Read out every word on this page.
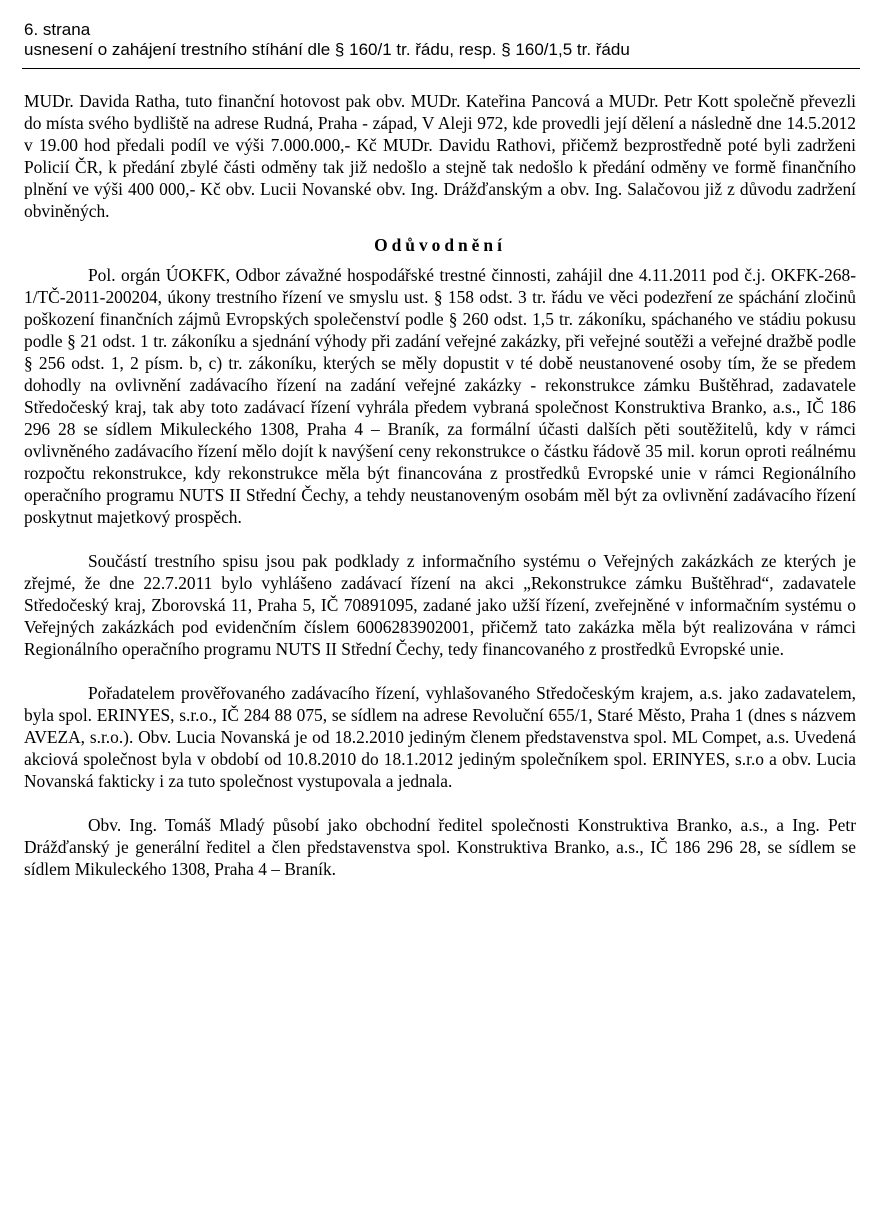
6. strana
usnesení o zahájení trestního stíhání dle § 160/1 tr. řádu, resp. § 160/1,5 tr. řádu

MUDr. Davida Ratha, tuto finanční hotovost pak obv. MUDr. Kateřina Pancová a MUDr. Petr Kott společně převezli do místa svého bydliště na adrese Rudná, Praha - západ, V Aleji 972, kde provedli její dělení a následně dne 14.5.2012 v 19.00 hod předali podíl ve výši 7.000.000,- Kč MUDr. Davidu Rathovi, přičemž bezprostředně poté byli zadrženi Policií ČR, k předání zbylé části odměny tak již nedošlo a stejně tak nedošlo k předání odměny ve formě finančního plnění ve výši 400 000,- Kč obv. Lucii Novanské obv. Ing. Drážďanským a obv. Ing. Salačovou již z důvodu zadržení obviněných.

Odůvodnění

Pol. orgán ÚOKFK, Odbor závažné hospodářské trestné činnosti, zahájil dne 4.11.2011 pod č.j. OKFK-268-1/TČ-2011-200204, úkony trestního řízení ve smyslu ust. § 158 odst. 3 tr. řádu ve věci podezření ze spáchání zločinů poškození finančních zájmů Evropských společenství podle § 260 odst. 1,5 tr. zákoníku, spáchaného ve stádiu pokusu podle § 21 odst. 1 tr. zákoníku a sjednání výhody při zadání veřejné zakázky, při veřejné soutěži a veřejné dražbě podle § 256 odst. 1, 2 písm. b, c) tr. zákoníku, kterých se měly dopustit v té době neustanovené osoby tím, že se předem dohodly na ovlivnění zadávacího řízení na zadání veřejné zakázky - rekonstrukce zámku Buštěhrad, zadavatele Středočeský kraj, tak aby toto zadávací řízení vyhrála předem vybraná společnost Konstruktiva Branko, a.s., IČ 186 296 28 se sídlem Mikuleckého 1308, Praha 4 – Braník, za formální účasti dalších pěti soutěžitelů, kdy v rámci ovlivněného zadávacího řízení mělo dojít k navýšení ceny rekonstrukce o částku řádově 35 mil. korun oproti reálnému rozpočtu rekonstrukce, kdy rekonstrukce měla být financována z prostředků Evropské unie v rámci Regionálního operačního programu NUTS II Střední Čechy, a tehdy neustanoveným osobám měl být za ovlivnění zadávacího řízení poskytnut majetkový prospěch.

Součástí trestního spisu jsou pak podklady z informačního systému o Veřejných zakázkách ze kterých je zřejmé, že dne 22.7.2011 bylo vyhlášeno zadávací řízení na akci „Rekonstrukce zámku Buštěhrad“, zadavatele Středočeský kraj, Zborovská 11, Praha 5, IČ 70891095, zadané jako užší řízení, zveřejněné v informačním systému o Veřejných zakázkách pod evidenčním číslem 6006283902001, přičemž tato zakázka měla být realizována v rámci Regionálního operačního programu NUTS II Střední Čechy, tedy financovaného z prostředků Evropské unie.

Pořadatelem prověřovaného zadávacího řízení, vyhlašovaného Středočeským krajem, a.s. jako zadavatelem, byla spol. ERINYES, s.r.o., IČ 284 88 075, se sídlem na adrese Revoluční 655/1, Staré Město, Praha 1 (dnes s názvem AVEZA, s.r.o.). Obv. Lucia Novanská je od 18.2.2010 jediným členem představenstva spol. ML Compet, a.s. Uvedená akciová společnost byla v období od 10.8.2010 do 18.1.2012 jediným společníkem spol. ERINYES, s.r.o a obv. Lucia Novanská fakticky i za tuto společnost vystupovala a jednala.

Obv. Ing. Tomáš Mladý působí jako obchodní ředitel společnosti Konstruktiva Branko, a.s., a Ing. Petr Drážďanský je generální ředitel a člen představenstva spol. Konstruktiva Branko, a.s., IČ 186 296 28, se sídlem se sídlem Mikuleckého 1308, Praha 4 – Braník.
